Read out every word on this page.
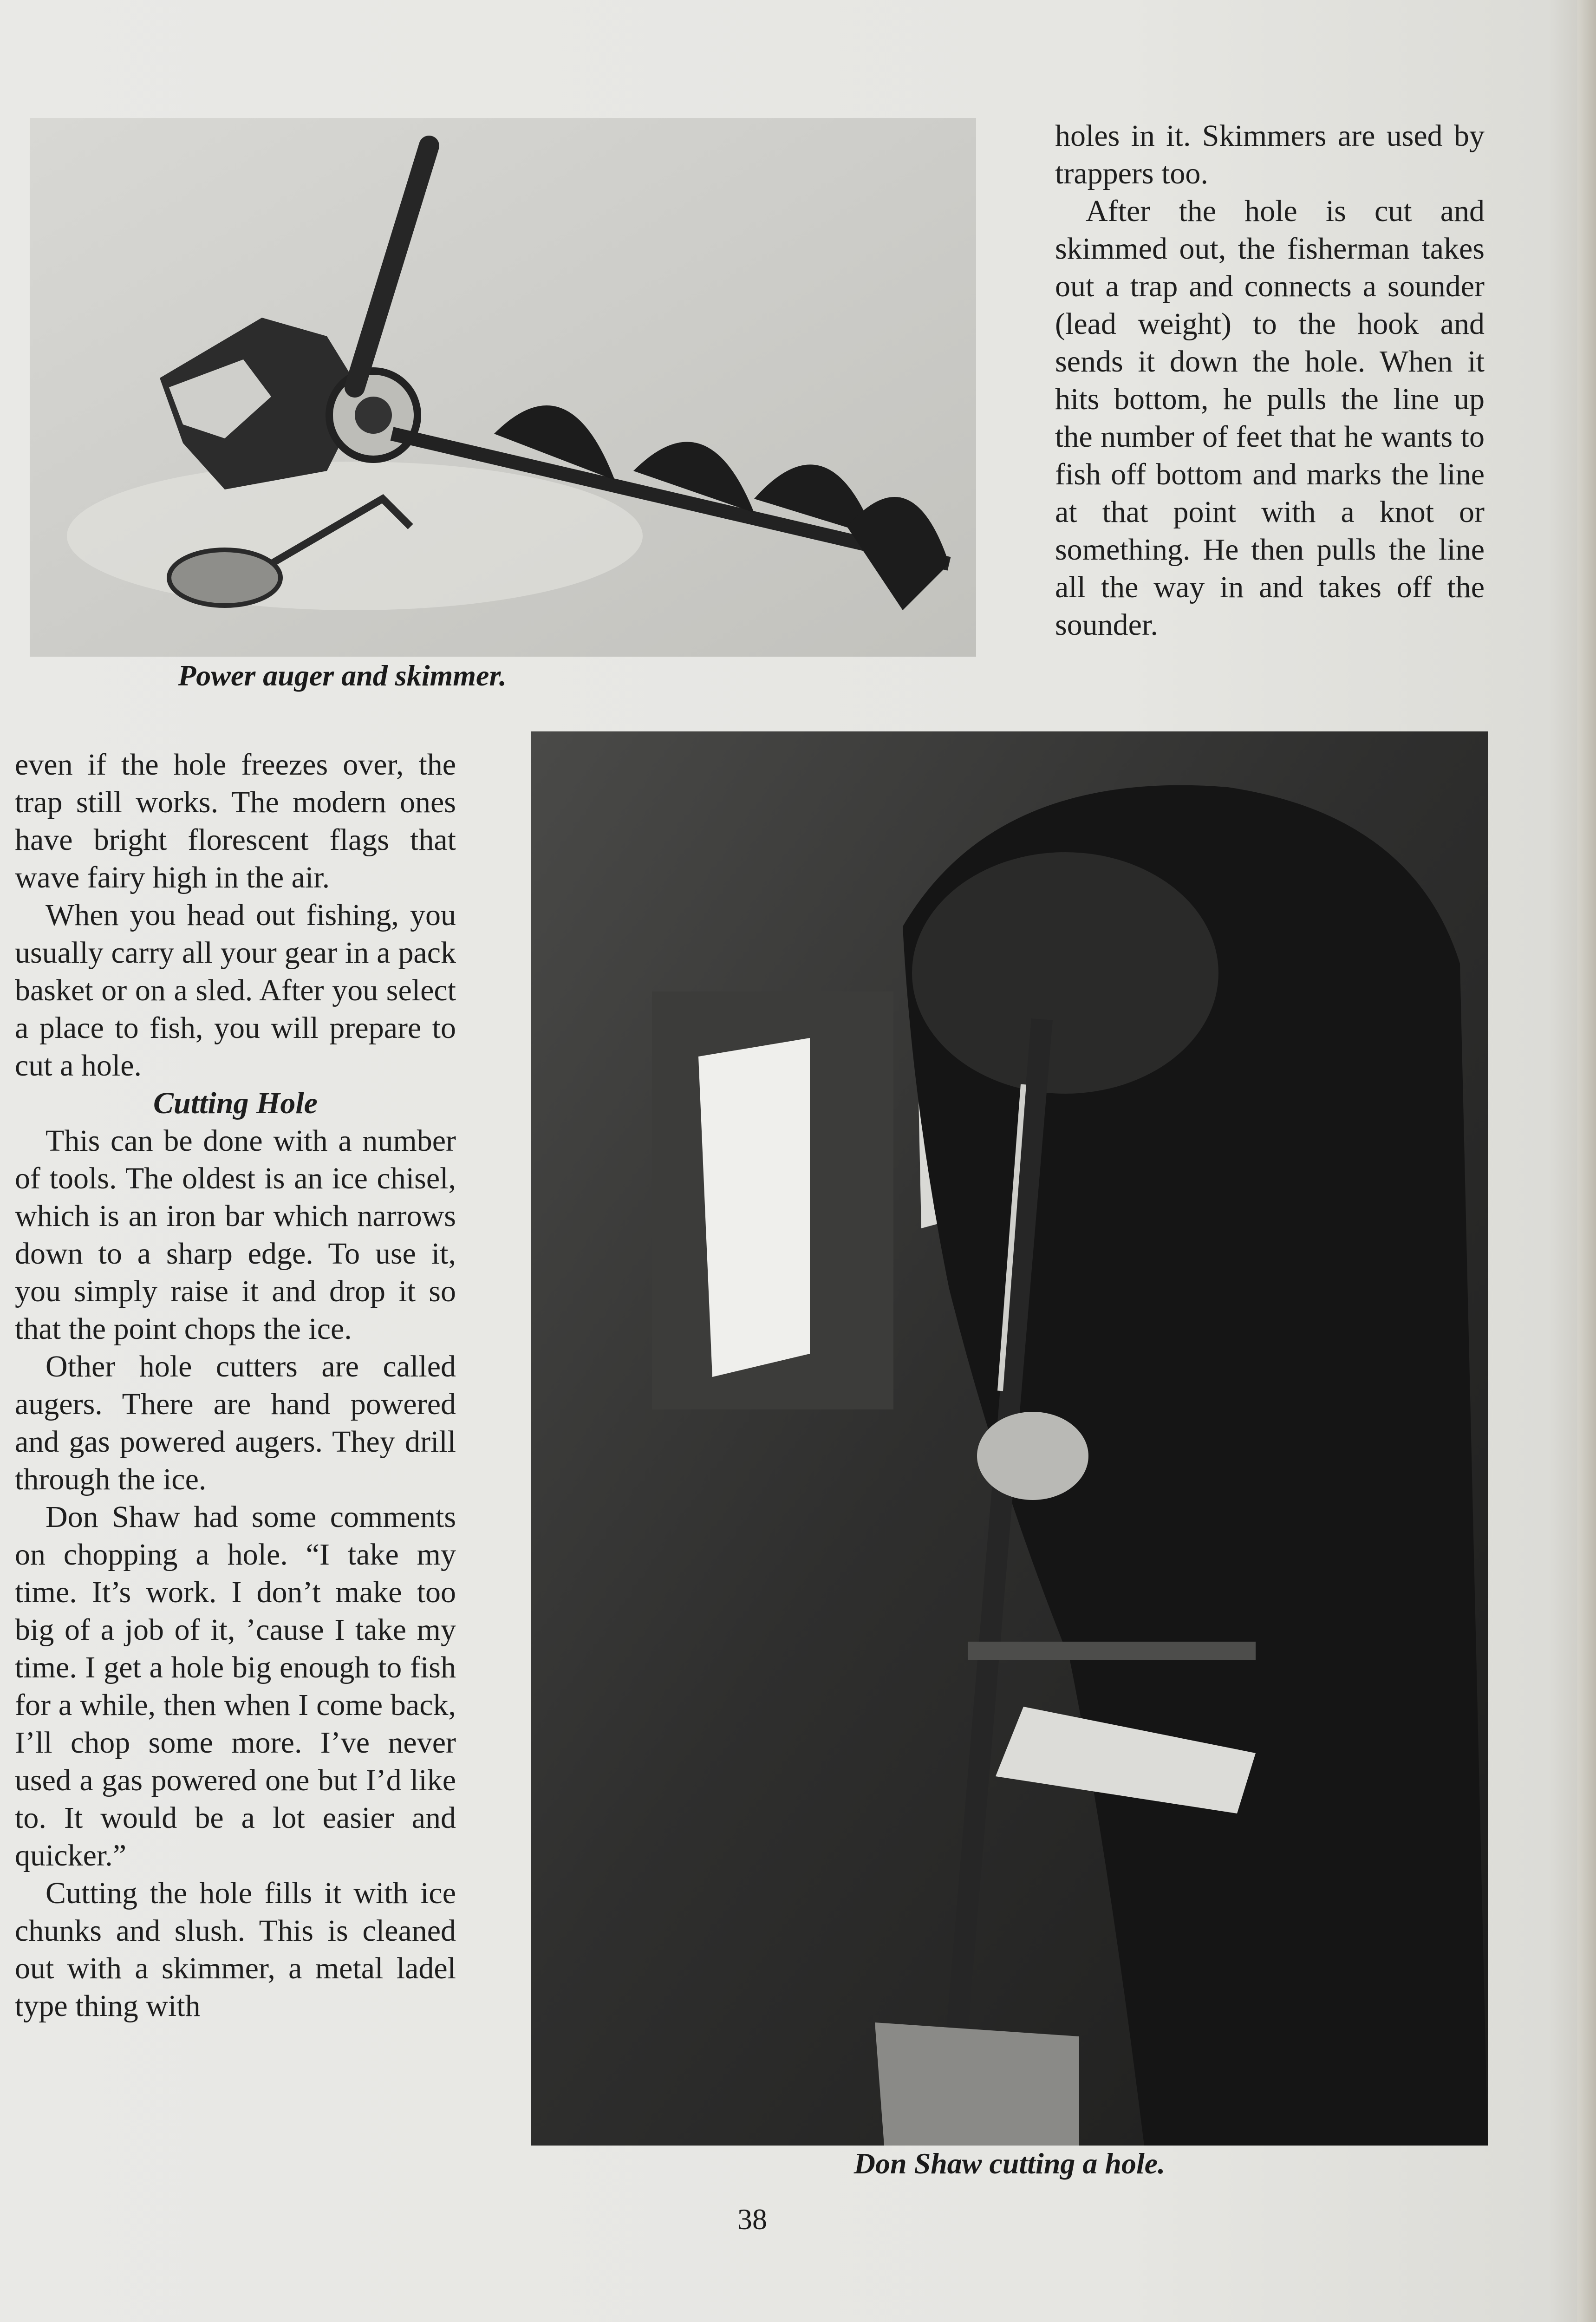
Power auger and skimmer.

holes in it. Skimmers are used by trappers too.

After the hole is cut and skimmed out, the fisherman takes out a trap and connects a sounder (lead weight) to the hook and sends it down the hole. When it hits bottom, he pulls the line up the number of feet that he wants to fish off bottom and marks the line at that point with a knot or something. He then pulls the line all the way in and takes off the sounder.

Don Shaw cutting a hole.

even if the hole freezes over, the trap still works. The modern ones have bright florescent flags that wave fairy high in the air.

When you head out fishing, you usually carry all your gear in a pack basket or on a sled. After you select a place to fish, you will prepare to cut a hole.

Cutting Hole

This can be done with a number of tools. The oldest is an ice chisel, which is an iron bar which narrows down to a sharp edge. To use it, you simply raise it and drop it so that the point chops the ice.

Other hole cutters are called augers. There are hand powered and gas powered augers. They drill through the ice.

Don Shaw had some comments on chopping a hole. “I take my time. It’s work. I don’t make too big of a job of it, ’cause I take my time. I get a hole big enough to fish for a while, then when I come back, I’ll chop some more. I’ve never used a gas powered one but I’d like to. It would be a lot easier and quicker.”

Cutting the hole fills it with ice chunks and slush. This is cleaned out with a skimmer, a metal ladel type thing with

38
